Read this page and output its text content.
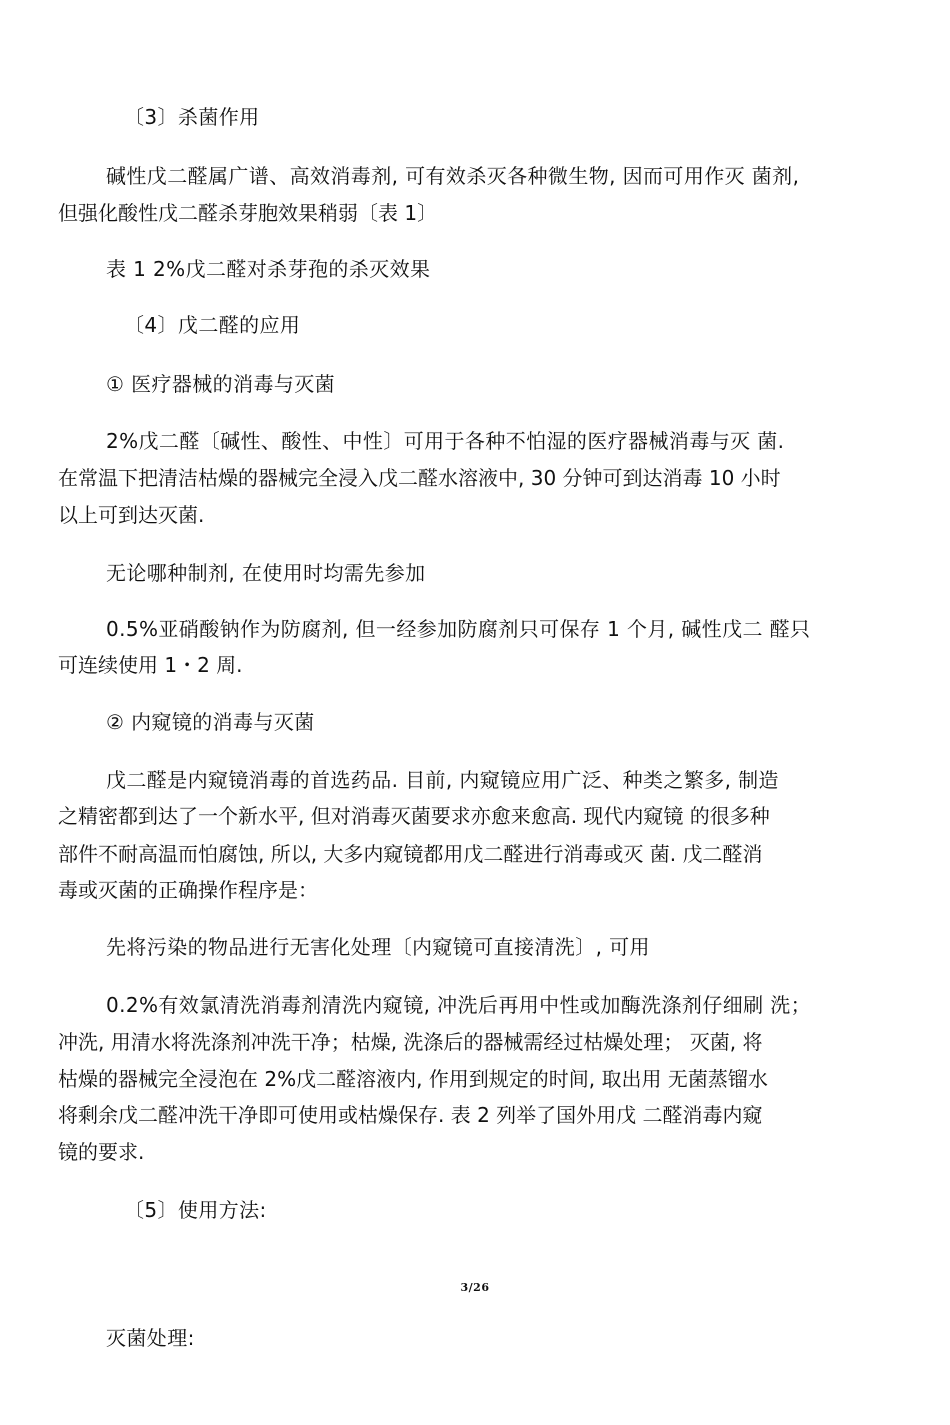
〔3〕杀菌作用
碱性戊二醛属广谱、高效消毒剂, 可有效杀灭各种微生物, 因而可用作灭 菌剂,
但强化酸性戊二醛杀芽胞效果稍弱〔表 1〕
表 1 2%戊二醛对杀芽孢的杀灭效果
〔4〕戊二醛的应用
① 医疗器械的消毒与灭菌
2%戊二醛〔碱性、酸性、中性〕可用于各种不怕湿的医疗器械消毒与灭 菌.
在常温下把清洁枯燥的器械完全浸入戊二醛水溶液中, 30 分钟可到达消毒 10 小时
以上可到达灭菌.
无论哪种制剂, 在使用时均需先参加
0.5%亚硝酸钠作为防腐剂, 但一经参加防腐剂只可保存 1 个月, 碱性戊二 醛只
可连续使用 1・2 周.
② 内窥镜的消毒与灭菌
戊二醛是内窥镜消毒的首选药品. 目前, 内窥镜应用广泛、种类之繁多, 制造
之精密都到达了一个新水平, 但对消毒灭菌要求亦愈来愈高. 现代内窥镜 的很多种
部件不耐高温而怕腐蚀, 所以, 大多内窥镜都用戊二醛进行消毒或灭 菌. 戊二醛消
毒或灭菌的正确操作程序是：
先将污染的物品进行无害化处理〔内窥镜可直接清洗〕, 可用
0.2%有效氯清洗消毒剂清洗内窥镜, 冲洗后再用中性或加酶洗涤剂仔细刷 洗；
冲洗, 用清水将洗涤剂冲洗干净；枯燥, 洗涤后的器械需经过枯燥处理； 灭菌, 将
枯燥的器械完全浸泡在 2%戊二醛溶液内, 作用到规定的时间, 取出用 无菌蒸镏水
将剩余戊二醛冲洗干净即可使用或枯燥保存. 表 2 列举了国外用戊 二醛消毒内窥
镜的要求.
〔5〕使用方法:
3/26
灭菌处理:
